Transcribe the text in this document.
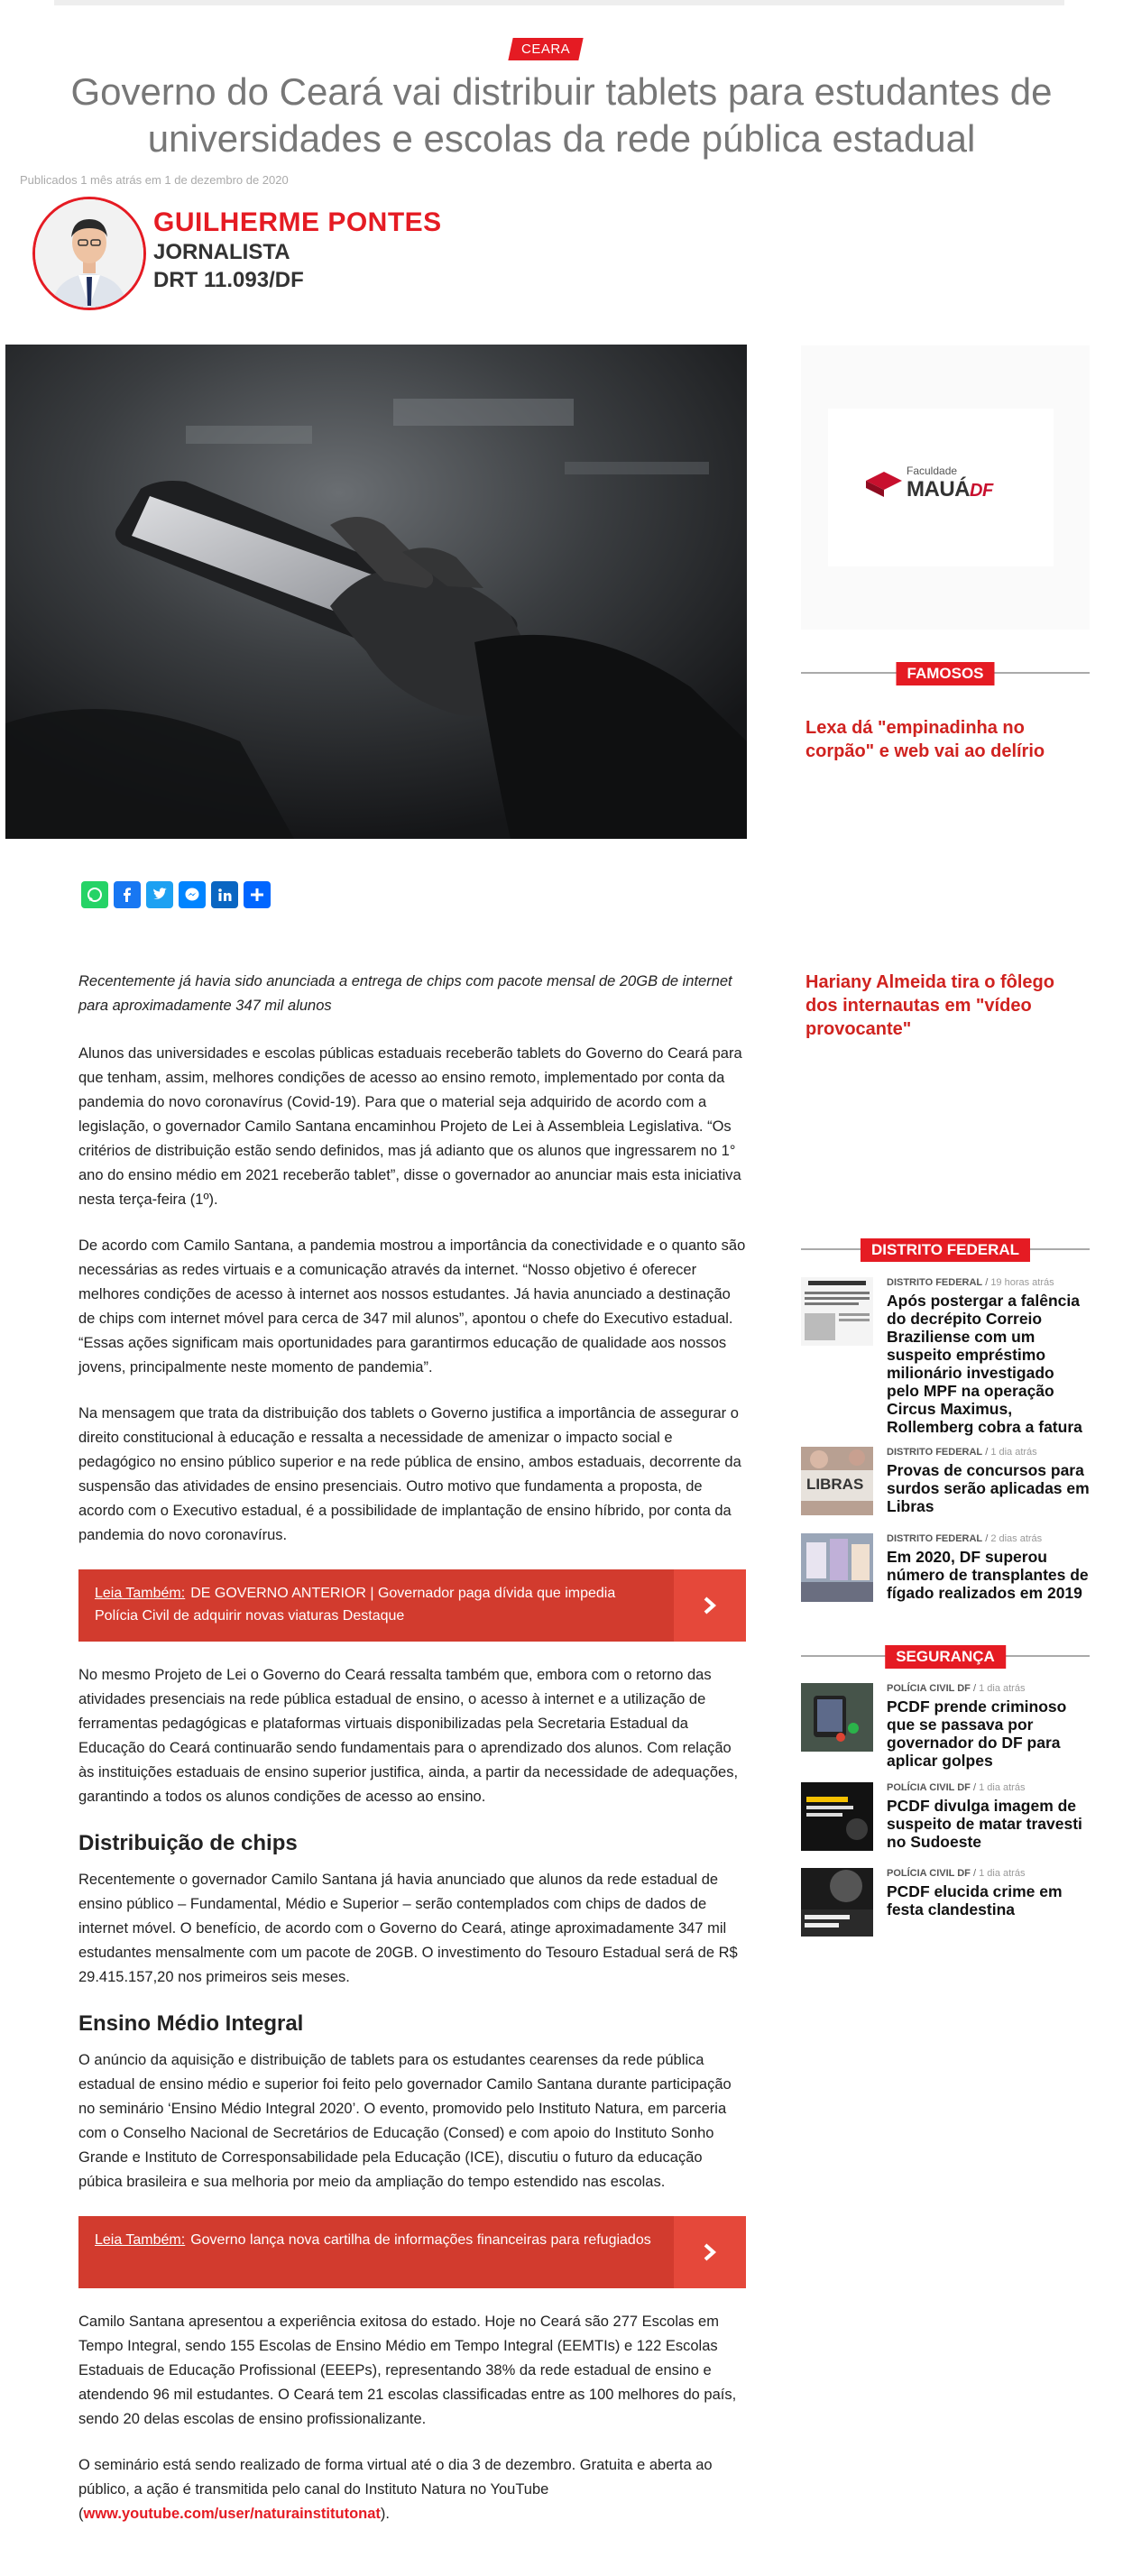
CEARA
Governo do Ceará vai distribuir tablets para estudantes de universidades e escolas da rede pública estadual
Publicados 1 mês atrás em 1 de dezembro de 2020
GUILHERME PONTES
JORNALISTA
DRT 11.093/DF

Recentemente já havia sido anunciada a entrega de chips com pacote mensal de 20GB de internet para aproximadamente 347 mil alunos

Alunos das universidades e escolas públicas estaduais receberão tablets do Governo do Ceará para que tenham, assim, melhores condições de acesso ao ensino remoto, implementado por conta da pandemia do novo coronavírus (Covid-19). Para que o material seja adquirido de acordo com a legislação, o governador Camilo Santana encaminhou Projeto de Lei à Assembleia Legislativa. “Os critérios de distribuição estão sendo definidos, mas já adianto que os alunos que ingressarem no 1° ano do ensino médio em 2021 receberão tablet”, disse o governador ao anunciar mais esta iniciativa nesta terça-feira (1º).

De acordo com Camilo Santana, a pandemia mostrou a importância da conectividade e o quanto são necessárias as redes virtuais e a comunicação através da internet. “Nosso objetivo é oferecer melhores condições de acesso à internet aos nossos estudantes. Já havia anunciado a destinação de chips com internet móvel para cerca de 347 mil alunos”, apontou o chefe do Executivo estadual. “Essas ações significam mais oportunidades para garantirmos educação de qualidade aos nossos jovens, principalmente neste momento de pandemia”.

Na mensagem que trata da distribuição dos tablets o Governo justifica a importância de assegurar o direito constitucional à educação e ressalta a necessidade de amenizar o impacto social e pedagógico no ensino público superior e na rede pública de ensino, ambos estaduais, decorrente da suspensão das atividades de ensino presenciais. Outro motivo que fundamenta a proposta, de acordo com o Executivo estadual, é a possibilidade de implantação de ensino híbrido, por conta da pandemia do novo coronavírus.

Leia Também: DE GOVERNO ANTERIOR | Governador paga dívida que impedia Polícia Civil de adquirir novas viaturas Destaque

No mesmo Projeto de Lei o Governo do Ceará ressalta também que, embora com o retorno das atividades presenciais na rede pública estadual de ensino, o acesso à internet e a utilização de ferramentas pedagógicas e plataformas virtuais disponibilizadas pela Secretaria Estadual da Educação do Ceará continuarão sendo fundamentais para o aprendizado dos alunos. Com relação às instituições estaduais de ensino superior justifica, ainda, a partir da necessidade de adequações, garantindo a todos os alunos condições de acesso ao ensino.

Distribuição de chips

Recentemente o governador Camilo Santana já havia anunciado que alunos da rede estadual de ensino público – Fundamental, Médio e Superior – serão contemplados com chips de dados de internet móvel. O benefício, de acordo com o Governo do Ceará, atinge aproximadamente 347 mil estudantes mensalmente com um pacote de 20GB. O investimento do Tesouro Estadual será de R$ 29.415.157,20 nos primeiros seis meses.

Ensino Médio Integral

O anúncio da aquisição e distribuição de tablets para os estudantes cearenses da rede pública estadual de ensino médio e superior foi feito pelo governador Camilo Santana durante participação no seminário ‘Ensino Médio Integral 2020’. O evento, promovido pelo Instituto Natura, em parceria com o Conselho Nacional de Secretários de Educação (Consed) e com apoio do Instituto Sonho Grande e Instituto de Corresponsabilidade pela Educação (ICE), discutiu o futuro da educação púbica brasileira e sua melhoria por meio da ampliação do tempo estendido nas escolas.

Leia Também: Governo lança nova cartilha de informações financeiras para refugiados

Camilo Santana apresentou a experiência exitosa do estado. Hoje no Ceará são 277 Escolas em Tempo Integral, sendo 155 Escolas de Ensino Médio em Tempo Integral (EEMTIs) e 122 Escolas Estaduais de Educação Profissional (EEEPs), representando 38% da rede estadual de ensino e atendendo 96 mil estudantes. O Ceará tem 21 escolas classificadas entre as 100 melhores do país, sendo 20 delas escolas de ensino profissionalizante.

O seminário está sendo realizado de forma virtual até o dia 3 de dezembro. Gratuita e aberta ao público, a ação é transmitida pelo canal do Instituto Natura no YouTube (www.youtube.com/user/naturainstitutonat).

Faculdade
MAUÁDF
FAMOSOS
Lexa dá "empinadinha no corpão" e web vai ao delírio
Hariany Almeida tira o fôlego dos internautas em "vídeo provocante"
DISTRITO FEDERAL
DISTRITO FEDERAL / 19 horas atrás
Após postergar a falência do decrépito Correio Braziliense com um suspeito empréstimo milionário investigado pelo MPF na operação Circus Maximus, Rollemberg cobra a fatura
LIBRAS
DISTRITO FEDERAL / 1 dia atrás
Provas de concursos para surdos serão aplicadas em Libras
DISTRITO FEDERAL / 2 dias atrás
Em 2020, DF superou número de transplantes de fígado realizados em 2019
SEGURANÇA
POLÍCIA CIVIL DF / 1 dia atrás
PCDF prende criminoso que se passava por governador do DF para aplicar golpes
POLÍCIA CIVIL DF / 1 dia atrás
PCDF divulga imagem de suspeito de matar travesti no Sudoeste
POLÍCIA CIVIL DF / 1 dia atrás
PCDF elucida crime em festa clandestina
